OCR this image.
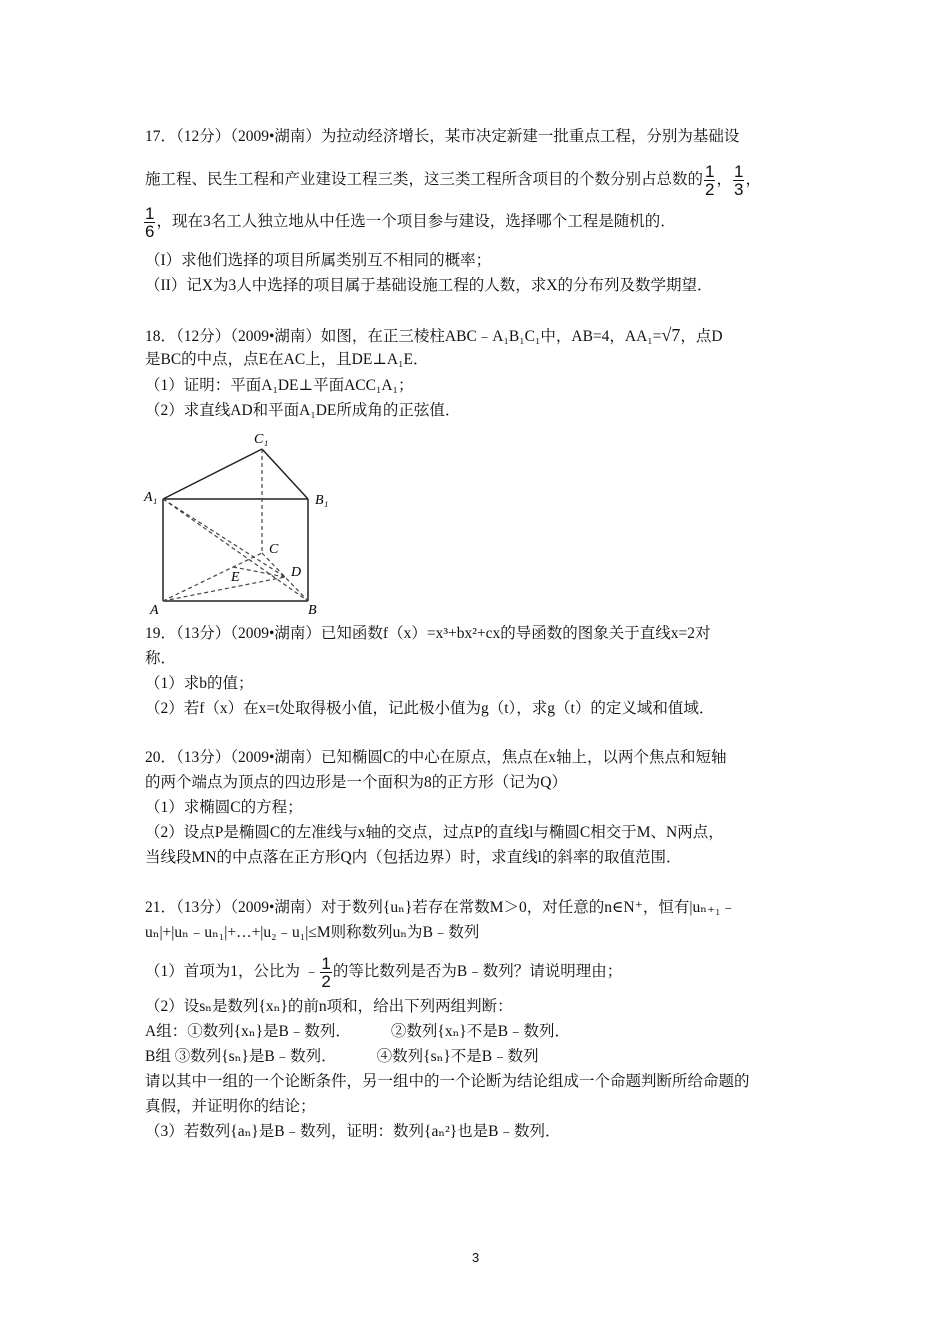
17．（12分）（2009•湖南）为拉动经济增长，某市决定新建一批重点工程，分别为基础设
施工程、民生工程和产业建设工程三类，这三类工程所含项目的个数分别占总数的 $\frac{1}{2}$ ， $\frac{1}{3}$ ，
$\frac{1}{6}$ ，现在3名工人独立地从中任选一个项目参与建设，选择哪个工程是随机的．
（I）求他们选择的项目所属类别互不相同的概率；
（II）记X为3人中选择的项目属于基础设施工程的人数，求X的分布列及数学期望．
18．（12分）（2009•湖南）如图，在正三棱柱ABC﹣A₁B₁C₁中，AB=4，AA₁=√7，点D
是BC的中点，点E在AC上，且DE⊥A₁E．
（1）证明：平面A₁DE⊥平面ACC₁A₁；
（2）求直线AD和平面A₁DE所成角的正弦值．
C₁
A₁	B₁
C
E	D
A	B
19．（13分）（2009•湖南）已知函数f（x）=x³+bx²+cx的导函数的图象关于直线x=2对
称．
（1）求b的值；
（2）若f（x）在x=t处取得极小值，记此极小值为g（t），求g（t）的定义域和值域．
20．（13分）（2009•湖南）已知椭圆C的中心在原点，焦点在x轴上，以两个焦点和短轴
的两个端点为顶点的四边形是一个面积为8的正方形（记为Q）
（1）求椭圆C的方程；
（2）设点P是椭圆C的左准线与x轴的交点，过点P的直线l与椭圆C相交于M、N两点，
当线段MN的中点落在正方形Q内（包括边界）时，求直线l的斜率的取值范围．
21．（13分）（2009•湖南）对于数列{uₙ}若存在常数M＞0，对任意的n∈N⁺，恒有|uₙ₊₁﹣
uₙ|+|uₙ﹣uₙ₁|+…+|u₂﹣u₁|≤M则称数列uₙ为B﹣数列
（1）首项为1，公比为 ﹣ $\frac{1}{2}$ 的等比数列是否为B﹣数列？请说明理由；
（2）设sₙ是数列{xₙ}的前n项和，给出下列两组判断：
A组：①数列{xₙ}是B﹣数列．	②数列{xₙ}不是B﹣数列．
B组 ③数列{sₙ}是B﹣数列．	④数列{sₙ}不是B﹣数列
请以其中一组的一个论断条件，另一组中的一个论断为结论组成一个命题判断所给命题的
真假，并证明你的结论；
（3）若数列{aₙ}是B﹣数列，证明：数列{aₙ²}也是B﹣数列．
3
